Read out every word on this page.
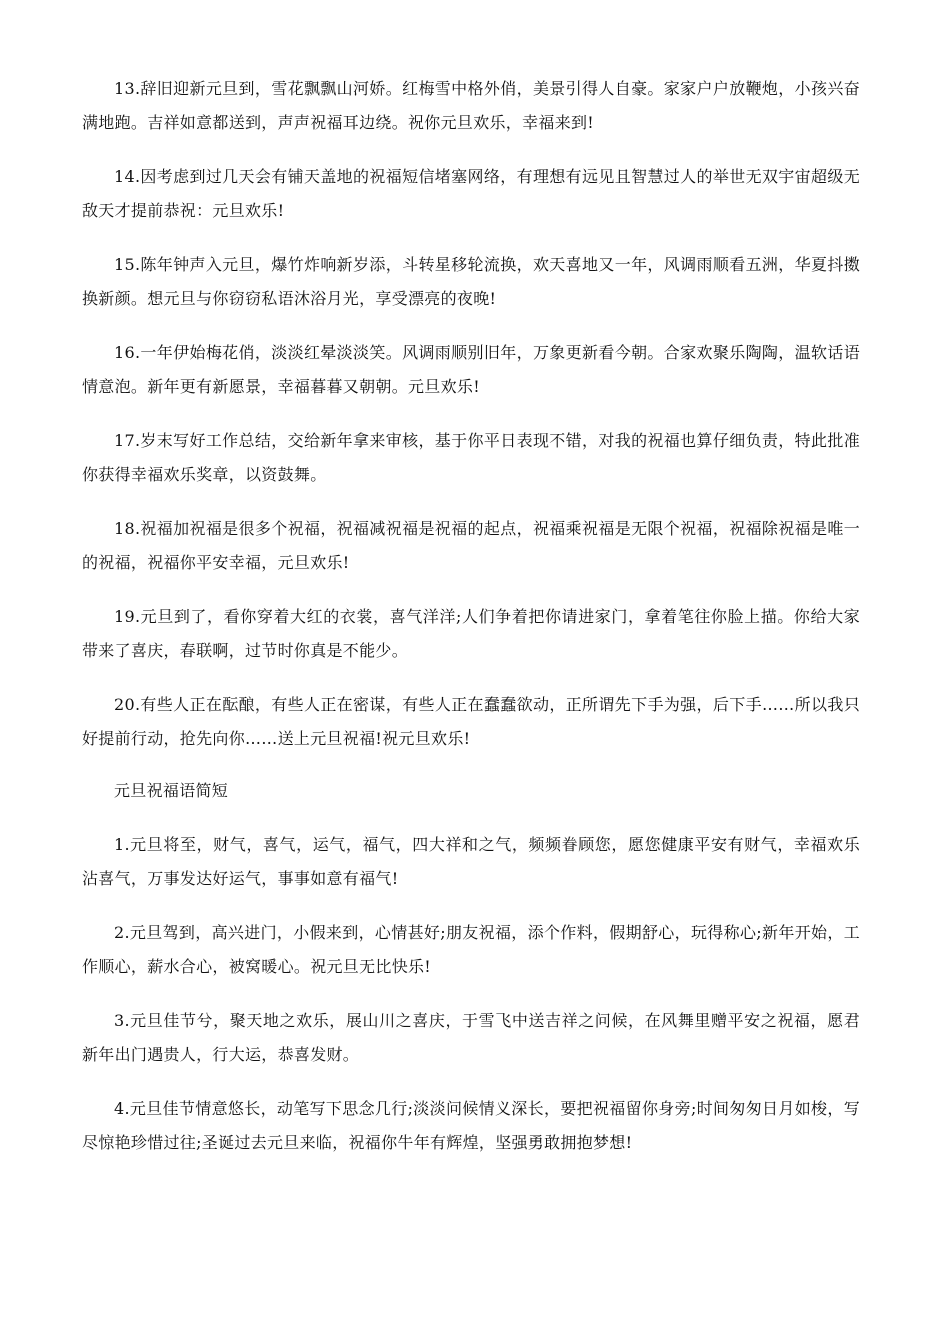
13.辞旧迎新元旦到，雪花飘飘山河娇。红梅雪中格外俏，美景引得人自豪。家家户户放鞭炮，小孩兴奋满地跑。吉祥如意都送到，声声祝福耳边绕。祝你元旦欢乐，幸福来到!

14.因考虑到过几天会有铺天盖地的祝福短信堵塞网络，有理想有远见且智慧过人的举世无双宇宙超级无敌天才提前恭祝：元旦欢乐!

15.陈年钟声入元旦，爆竹炸响新岁添，斗转星移轮流换，欢天喜地又一年，风调雨顺看五洲，华夏抖擞换新颜。想元旦与你窃窃私语沐浴月光，享受漂亮的夜晚!

16.一年伊始梅花俏，淡淡红晕淡淡笑。风调雨顺别旧年，万象更新看今朝。合家欢聚乐陶陶，温软话语情意泡。新年更有新愿景，幸福暮暮又朝朝。元旦欢乐!

17.岁末写好工作总结，交给新年拿来审核，基于你平日表现不错，对我的祝福也算仔细负责，特此批准你获得幸福欢乐奖章，以资鼓舞。

18.祝福加祝福是很多个祝福，祝福减祝福是祝福的起点，祝福乘祝福是无限个祝福，祝福除祝福是唯一的祝福，祝福你平安幸福，元旦欢乐!

19.元旦到了，看你穿着大红的衣裳，喜气洋洋;人们争着把你请进家门，拿着笔往你脸上描。你给大家带来了喜庆，春联啊，过节时你真是不能少。

20.有些人正在酝酿，有些人正在密谋，有些人正在蠢蠢欲动，正所谓先下手为强，后下手……所以我只好提前行动，抢先向你……送上元旦祝福!祝元旦欢乐!

元旦祝福语简短

1.元旦将至，财气，喜气，运气，福气，四大祥和之气，频频眷顾您，愿您健康平安有财气，幸福欢乐沾喜气，万事发达好运气，事事如意有福气!

2.元旦驾到，高兴进门，小假来到，心情甚好;朋友祝福，添个作料，假期舒心，玩得称心;新年开始，工作顺心，薪水合心，被窝暖心。祝元旦无比快乐!

3.元旦佳节兮，聚天地之欢乐，展山川之喜庆，于雪飞中送吉祥之问候，在风舞里赠平安之祝福，愿君新年出门遇贵人，行大运，恭喜发财。

4.元旦佳节情意悠长，动笔写下思念几行;淡淡问候情义深长，要把祝福留你身旁;时间匆匆日月如梭，写尽惊艳珍惜过往;圣诞过去元旦来临，祝福你牛年有辉煌，坚强勇敢拥抱梦想!
